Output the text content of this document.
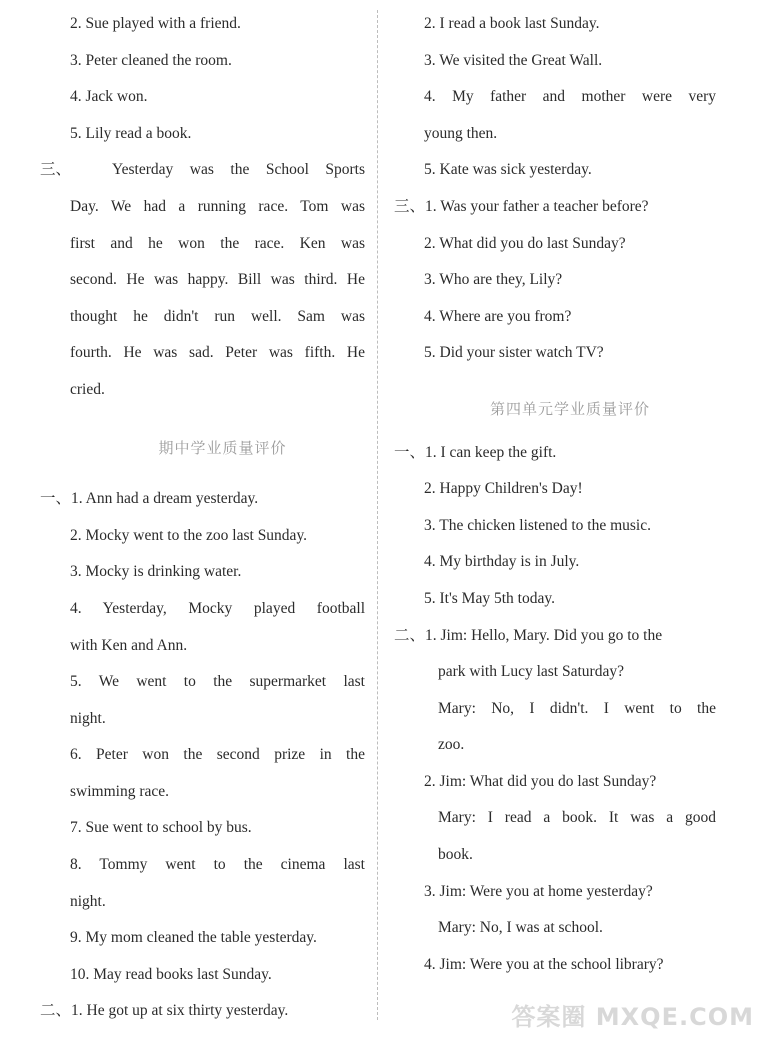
2. Sue played with a friend.
3. Peter cleaned the room.
4. Jack won.
5. Lily read a book.
三、	Yesterday was the School Sports
Day. We had a running race. Tom was
first and he won the race. Ken was
second. He was happy. Bill was third. He
thought he didn't run well. Sam was
fourth. He was sad. Peter was fifth. He
cried.
期中学业质量评价
一、1. Ann had a dream yesterday.
2. Mocky went to the zoo last Sunday.
3. Mocky is drinking water.
4. Yesterday, Mocky played football
with Ken and Ann.
5. We went to the supermarket last
night.
6. Peter won the second prize in the
swimming race.
7. Sue went to school by bus.
8. Tommy went to the cinema last
night.
9. My mom cleaned the table yesterday.
10. May read books last Sunday.
二、1. He got up at six thirty yesterday.
2. I read a book last Sunday.
3. We visited the Great Wall.
4. My father and mother were very
young then.
5. Kate was sick yesterday.
三、1. Was your father a teacher before?
2. What did you do last Sunday?
3. Who are they, Lily?
4. Where are you from?
5. Did your sister watch TV?
第四单元学业质量评价
一、1. I can keep the gift.
2. Happy Children's Day!
3. The chicken listened to the music.
4. My birthday is in July.
5. It's May 5th today.
二、1. Jim: Hello, Mary. Did you go to the
park with Lucy last Saturday?
Mary: No, I didn't. I went to the
zoo.
2. Jim: What did you do last Sunday?
Mary: I read a book. It was a good
book.
3. Jim: Were you at home yesterday?
Mary: No, I was at school.
4. Jim: Were you at the school library?
答案圈 MXQE.COM
